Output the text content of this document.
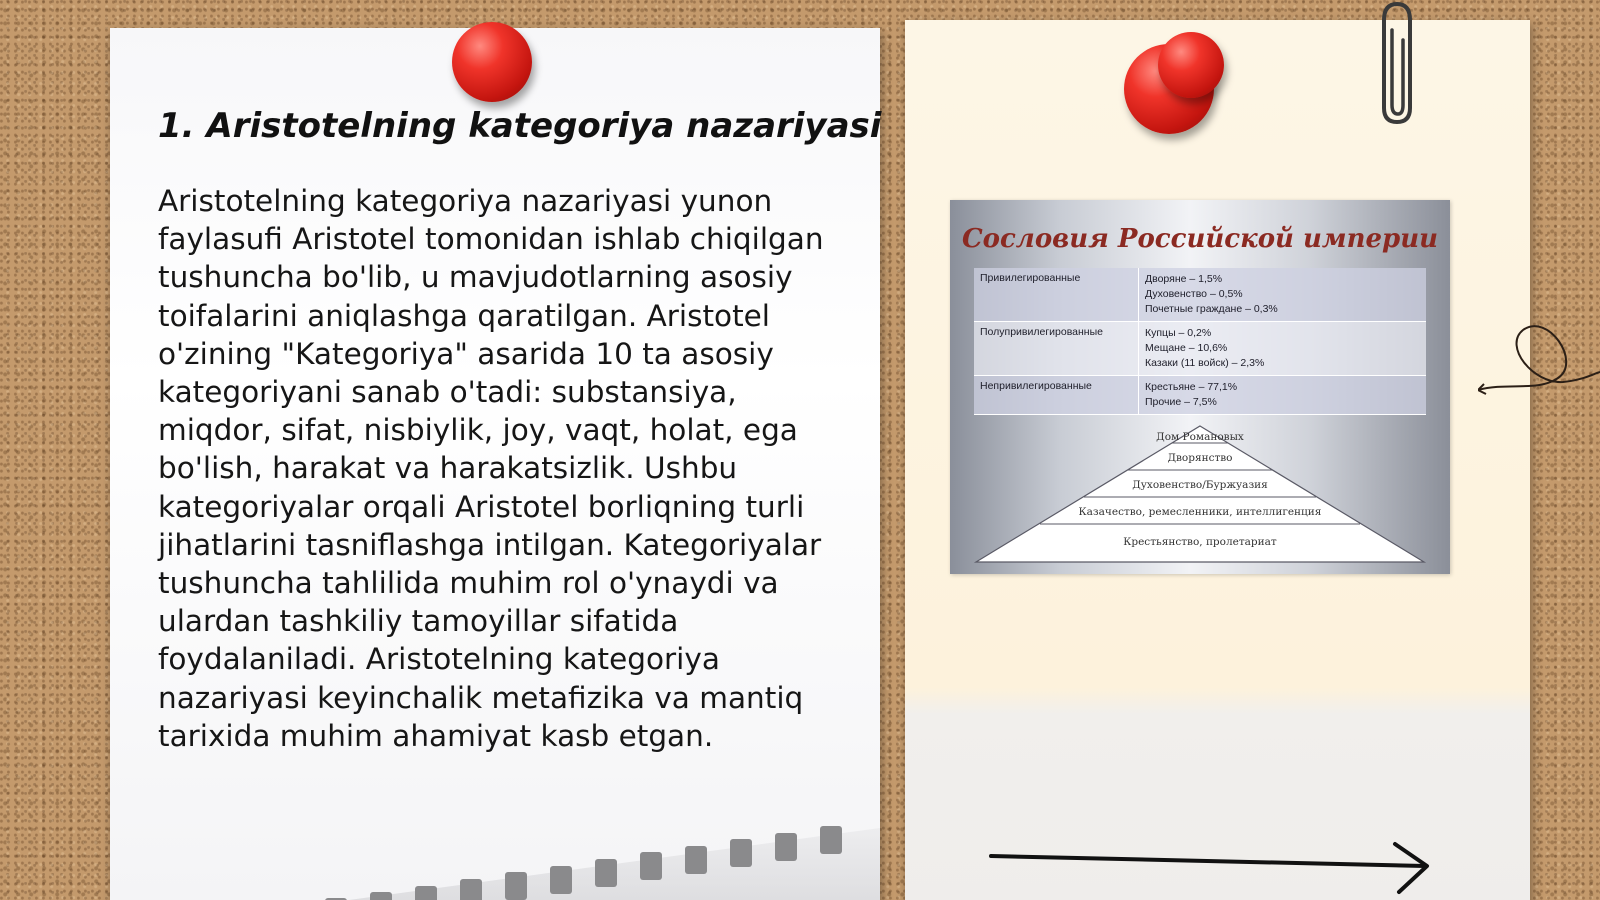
1. Aristotelning kategoriya nazariyasi

Aristotelning kategoriya nazariyasi yunon faylasufi Aristotel tomonidan ishlab chiqilgan tushuncha bo'lib, u mavjudotlarning asosiy toifalarini aniqlashga qaratilgan. Aristotel o'zining "Kategoriya" asarida 10 ta asosiy kategoriyani sanab o'tadi: substansiya, miqdor, sifat, nisbiylik, joy, vaqt, holat, ega bo'lish, harakat va harakatsizlik. Ushbu kategoriyalar orqali Aristotel borliqning turli jihatlarini tasniflashga intilgan. Kategoriyalar tushuncha tahlilida muhim rol o'ynaydi va ulardan tashkiliy tamoyillar sifatida foydalaniladi. Aristotelning kategoriya nazariyasi keyinchalik metafizika va mantiq tarixida muhim ahamiyat kasb etgan.

Сословия Российской империи
Привилегированные	Дворяне – 1,5%
Духовенство – 0,5%
Почетные граждане – 0,3%

Полупривилегированные	Купцы – 0,2%
Мещане – 10,6%
Казаки (11 войск) – 2,3%

Непривилегированные	Крестьяне – 77,1%
Прочие – 7,5%
Дом Романовых
Дворянство
Духовенство/Буржуазия
Казачество, ремесленники, интеллигенция
Крестьянство, пролетариат
